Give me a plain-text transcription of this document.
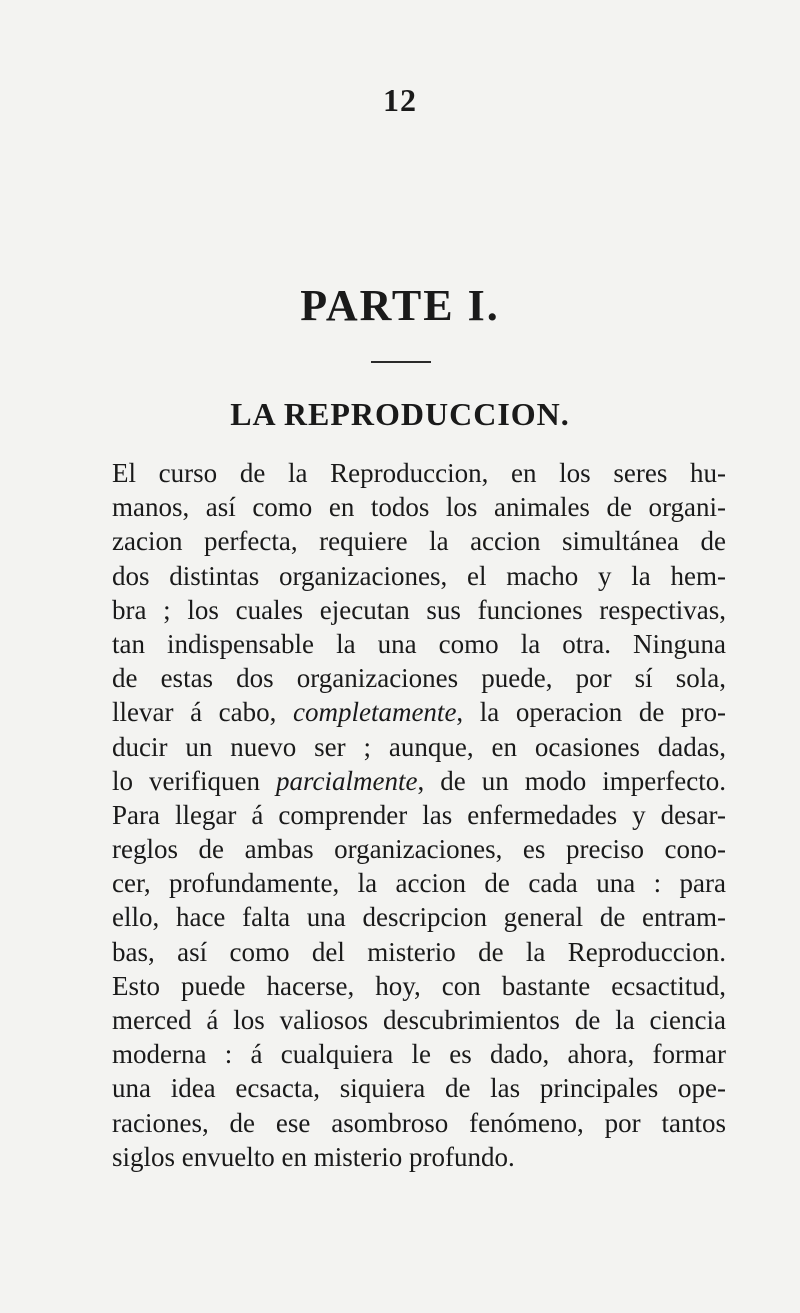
12
PARTE I.
LA REPRODUCCION.
El curso de la Reproduccion, en los seres hu-
manos, así como en todos los animales de organi-
zacion perfecta, requiere la accion simultánea de
dos distintas organizaciones, el macho y la hem-
bra ; los cuales ejecutan sus funciones respectivas,
tan indispensable la una como la otra. Ninguna
de estas dos organizaciones puede, por sí sola,
llevar á cabo, completamente, la operacion de pro-
ducir un nuevo ser ; aunque, en ocasiones dadas,
lo verifiquen parcialmente, de un modo imperfecto.
Para llegar á comprender las enfermedades y desar-
reglos de ambas organizaciones, es preciso cono-
cer, profundamente, la accion de cada una : para
ello, hace falta una descripcion general de entram-
bas, así como del misterio de la Reproduccion.
Esto puede hacerse, hoy, con bastante ecsactitud,
merced á los valiosos descubrimientos de la ciencia
moderna : á cualquiera le es dado, ahora, formar
una idea ecsacta, siquiera de las principales ope-
raciones, de ese asombroso fenómeno, por tantos
siglos envuelto en misterio profundo.
